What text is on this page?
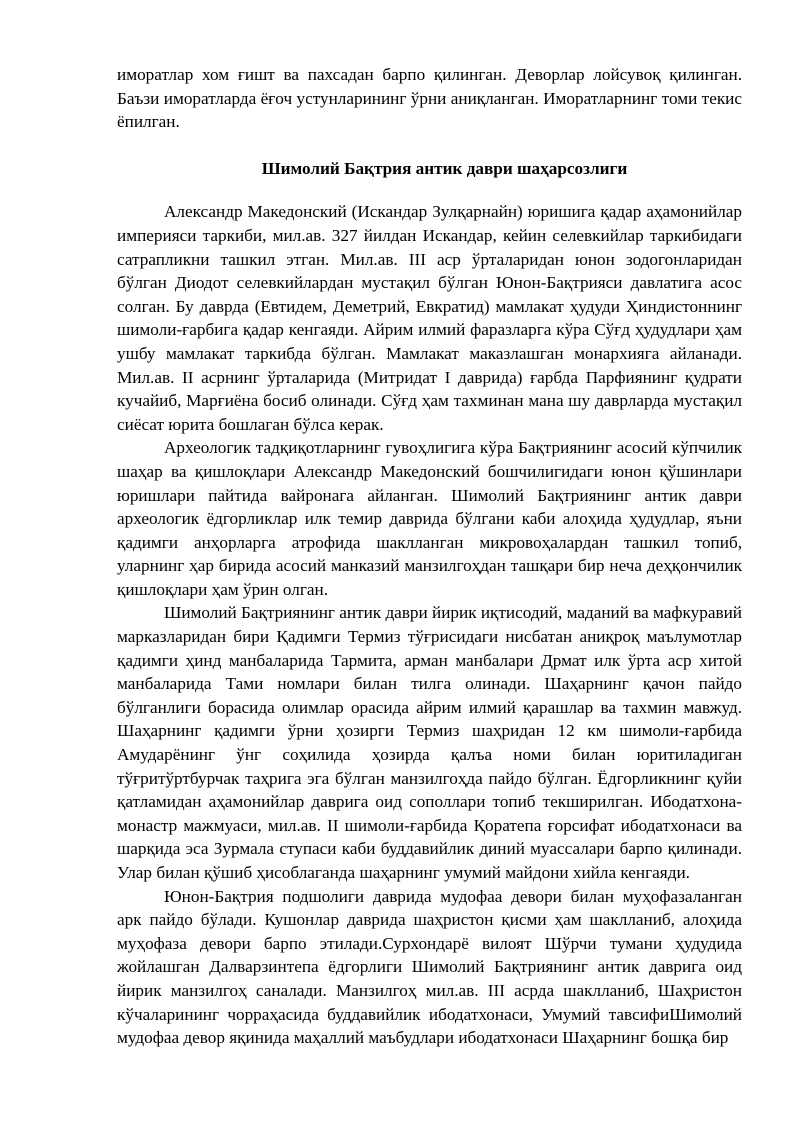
иморатлар хом ғишт ва пахсадан барпо қилинган. Деворлар лойсувоқ қилинган. Баъзи иморатларда ёғоч устунларининг ўрни аниқланган. Иморатларнинг томи текис ёпилган.

Шимолий Бақтрия антик даври шаҳарсозлиги

Александр Македонский (Искандар Зулқарнайн) юришига қадар аҳамонийлар империяси таркиби, мил.ав. 327 йилдан Искандар, кейин селевкийлар таркибидаги сатрапликни ташкил этган. Мил.ав. III аср ўрталаридан юнон зодогонларидан бўлган Диодот селевкийлардан мустақил бўлган Юнон-Бақтрияси давлатига асос солган. Бу даврда (Евтидем, Деметрий, Евкратид) мамлакат ҳудуди Ҳиндистоннинг шимоли-ғарбига қадар кенгаяди. Айрим илмий фаразларга кўра Сўғд ҳудудлари ҳам ушбу мамлакат таркибда бўлган. Мамлакат маказлашган монархияга айланади. Мил.ав. II асрнинг ўрталарида (Митридат I даврида) ғарбда Парфиянинг қудрати кучайиб, Марғиёна босиб олинади. Сўғд ҳам тахминан мана шу даврларда мустақил сиёсат юрита бошлаган бўлса керак.

Археологик тадқиқотларнинг гувоҳлигига кўра Бақтриянинг асосий кўпчилик шаҳар ва қишлоқлари Александр Македонский бошчилигидаги юнон қўшинлари юришлари пайтида вайронага айланган. Шимолий Бақтриянинг антик даври археологик ёдгорликлар илк темир даврида бўлгани каби алоҳида ҳудудлар, яъни қадимги анҳорларга атрофида шаклланган микровоҳалардан ташкил топиб, уларнинг ҳар бирида асосий манказий манзилгоҳдан ташқари бир неча деҳқончилик қишлоқлари ҳам ўрин олган.

Шимолий Бақтриянинг антик даври йирик иқтисодий, маданий ва мафкуравий марказларидан бири Қадимги Термиз тўғрисидаги нисбатан аниқроқ маълумотлар қадимги ҳинд манбаларида Тармита, арман манбалари Дрмат илк ўрта аср хитой манбаларида Тами номлари билан тилга олинади. Шаҳарнинг қачон пайдо бўлганлиги борасида олимлар орасида айрим илмий қарашлар ва тахмин мавжуд. Шаҳарнинг қадимги ўрни ҳозирги Термиз шаҳридан 12 км шимоли-ғарбида Амударёнинг ўнг соҳилида ҳозирда қалъа номи билан юритиладиган тўғритўртбурчак таҳрига эга бўлган манзилгоҳда пайдо бўлган. Ёдгорликнинг қуйи қатламидан аҳамонийлар даврига оид сополлари топиб текширилган. Ибодатхона-монастр мажмуаси, мил.ав. II шимоли-ғарбида Қоратепа ғорсифат ибодатхонаси ва шарқида эса Зурмала ступаси каби буддавийлик диний муассалари барпо қилинади. Улар билан қўшиб ҳисоблаганда шаҳарнинг умумий майдони хийла кенгаяди.

Юнон-Бақтрия подшолиги даврида мудофаа девори билан муҳофазаланган арк пайдо бўлади. Кушонлар даврида шаҳристон қисми ҳам шаклланиб, алоҳида муҳофаза девори барпо этилади.Сурхондарё вилоят Шўрчи тумани ҳудудида жойлашган Далварзинтепа ёдгорлиги Шимолий Бақтриянинг антик даврига оид йирик манзилгоҳ саналади. Манзилгоҳ мил.ав. III асрда шаклланиб, Шаҳристон кўчаларининг чорраҳасида буддавийлик ибодатхонаси, Умумий тавсифиШимолий мудофаа девор яқинида маҳаллий маъбудлари ибодатхонаси Шаҳарнинг бошқа бир
